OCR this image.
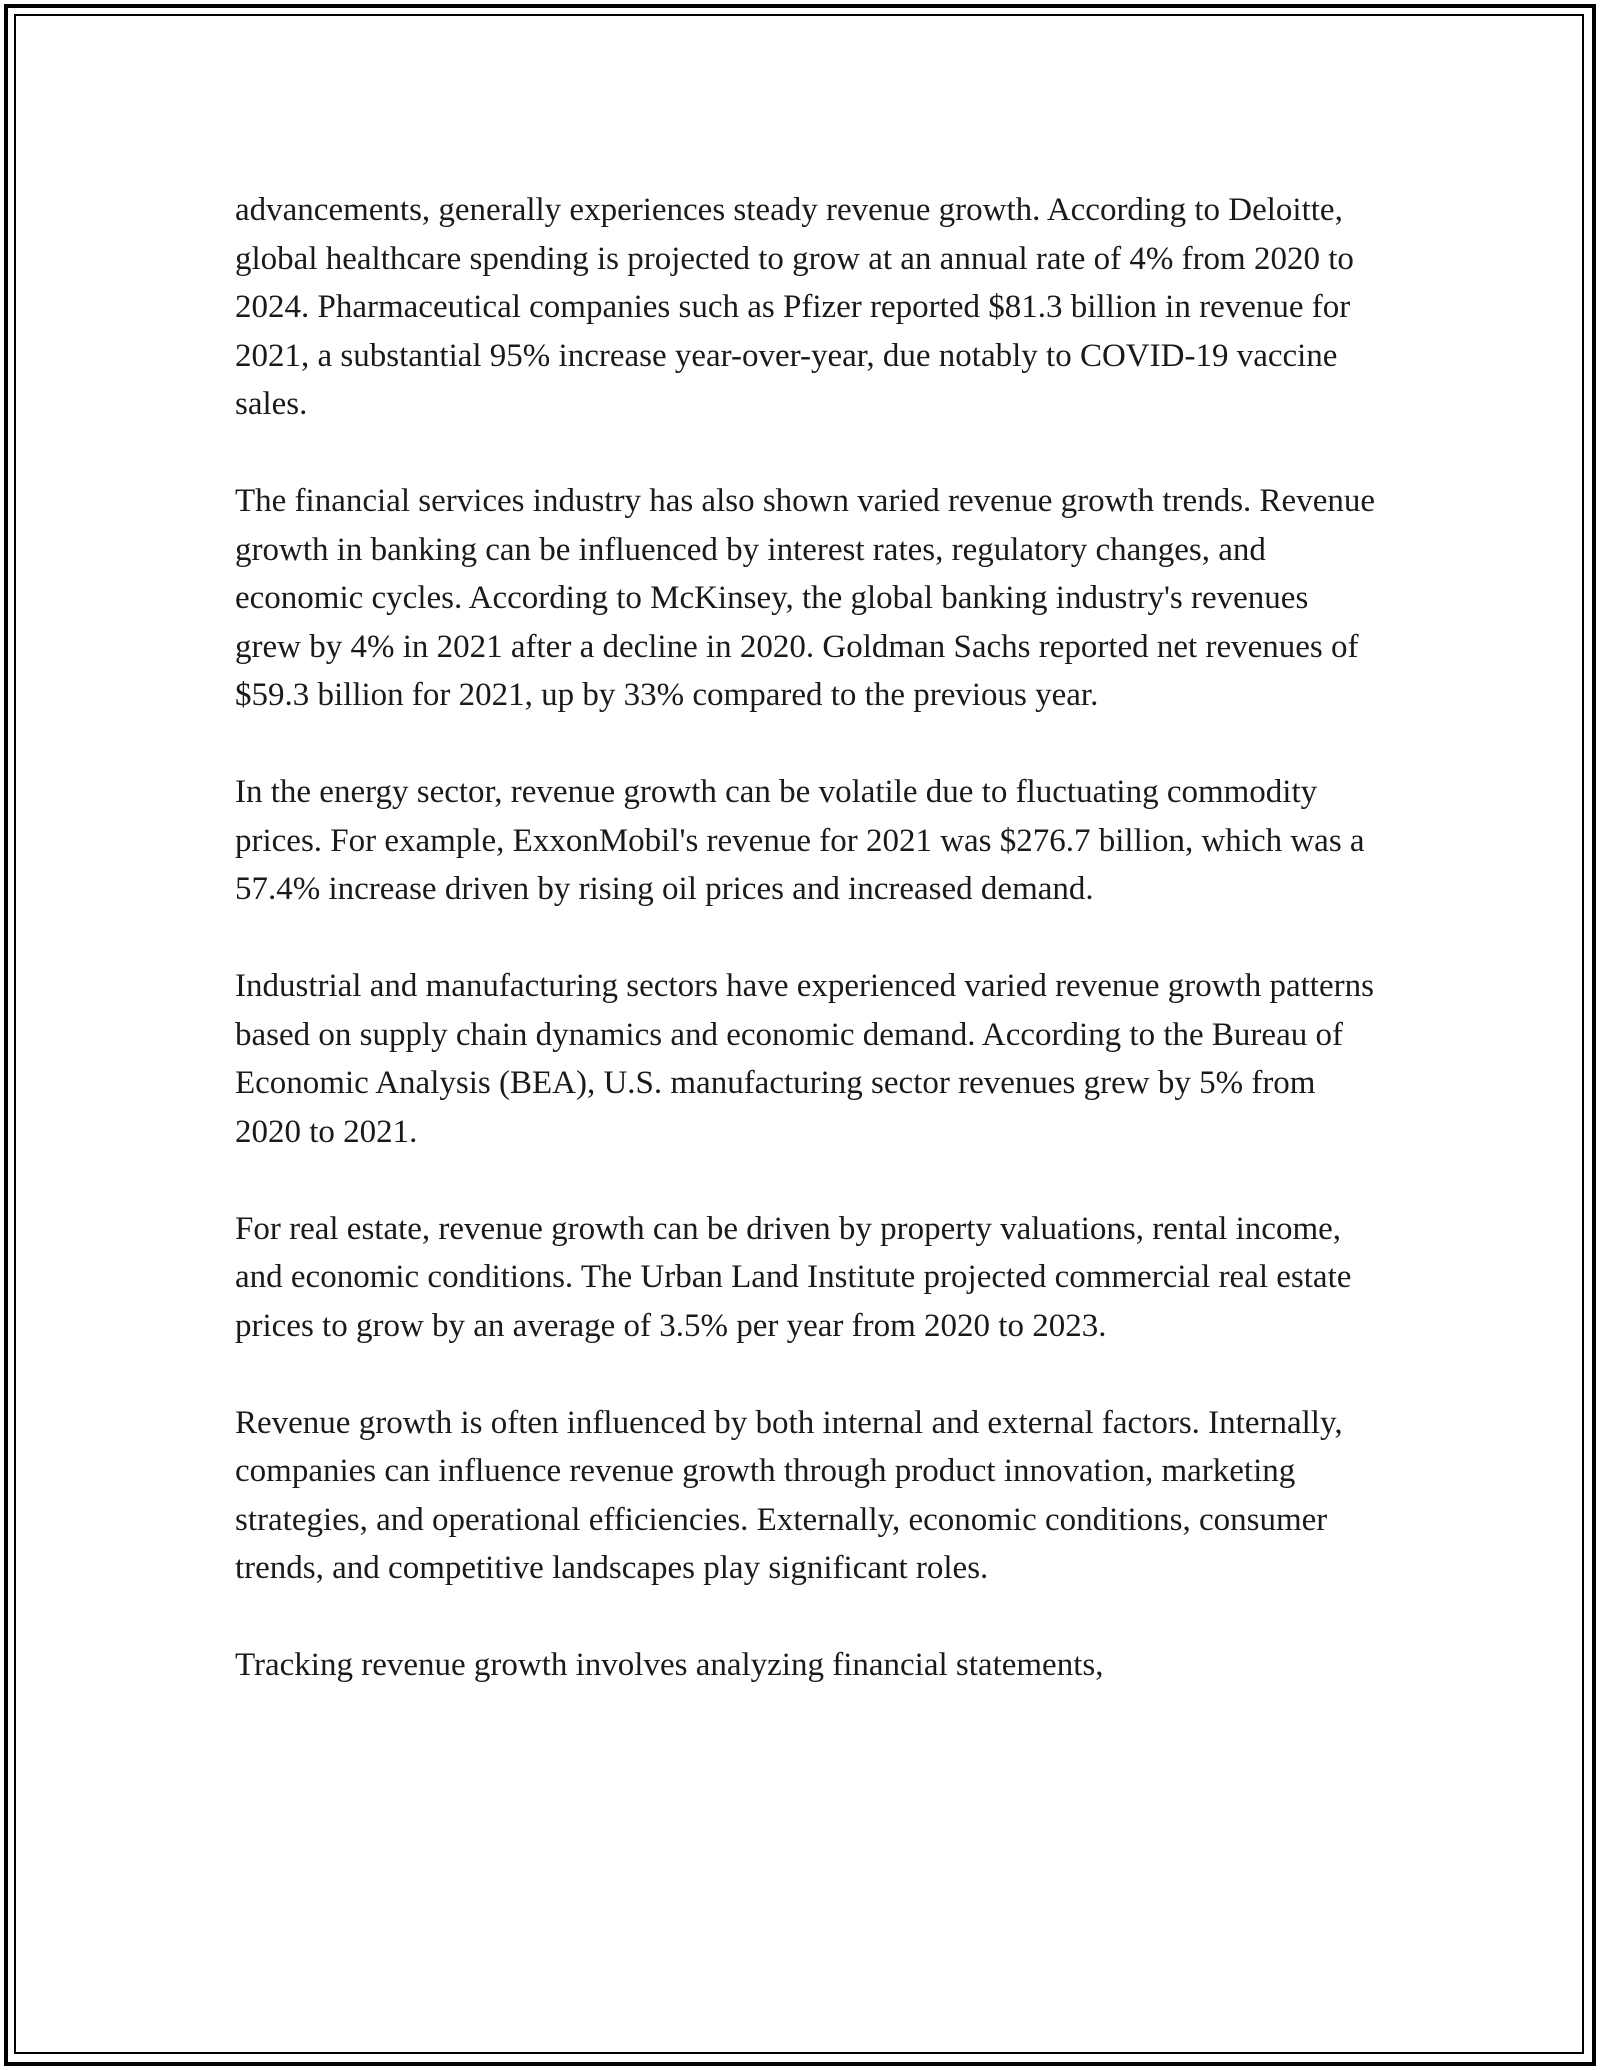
advancements, generally experiences steady revenue growth. According to Deloitte, global healthcare spending is projected to grow at an annual rate of 4% from 2020 to 2024. Pharmaceutical companies such as Pfizer reported $81.3 billion in revenue for 2021, a substantial 95% increase year-over-year, due notably to COVID-19 vaccine sales.

The financial services industry has also shown varied revenue growth trends. Revenue growth in banking can be influenced by interest rates, regulatory changes, and economic cycles. According to McKinsey, the global banking industry's revenues grew by 4% in 2021 after a decline in 2020. Goldman Sachs reported net revenues of $59.3 billion for 2021, up by 33% compared to the previous year.

In the energy sector, revenue growth can be volatile due to fluctuating commodity prices. For example, ExxonMobil's revenue for 2021 was $276.7 billion, which was a 57.4% increase driven by rising oil prices and increased demand.

Industrial and manufacturing sectors have experienced varied revenue growth patterns based on supply chain dynamics and economic demand. According to the Bureau of Economic Analysis (BEA), U.S. manufacturing sector revenues grew by 5% from 2020 to 2021.

For real estate, revenue growth can be driven by property valuations, rental income, and economic conditions. The Urban Land Institute projected commercial real estate prices to grow by an average of 3.5% per year from 2020 to 2023.

Revenue growth is often influenced by both internal and external factors. Internally, companies can influence revenue growth through product innovation, marketing strategies, and operational efficiencies. Externally, economic conditions, consumer trends, and competitive landscapes play significant roles.

Tracking revenue growth involves analyzing financial statements,
